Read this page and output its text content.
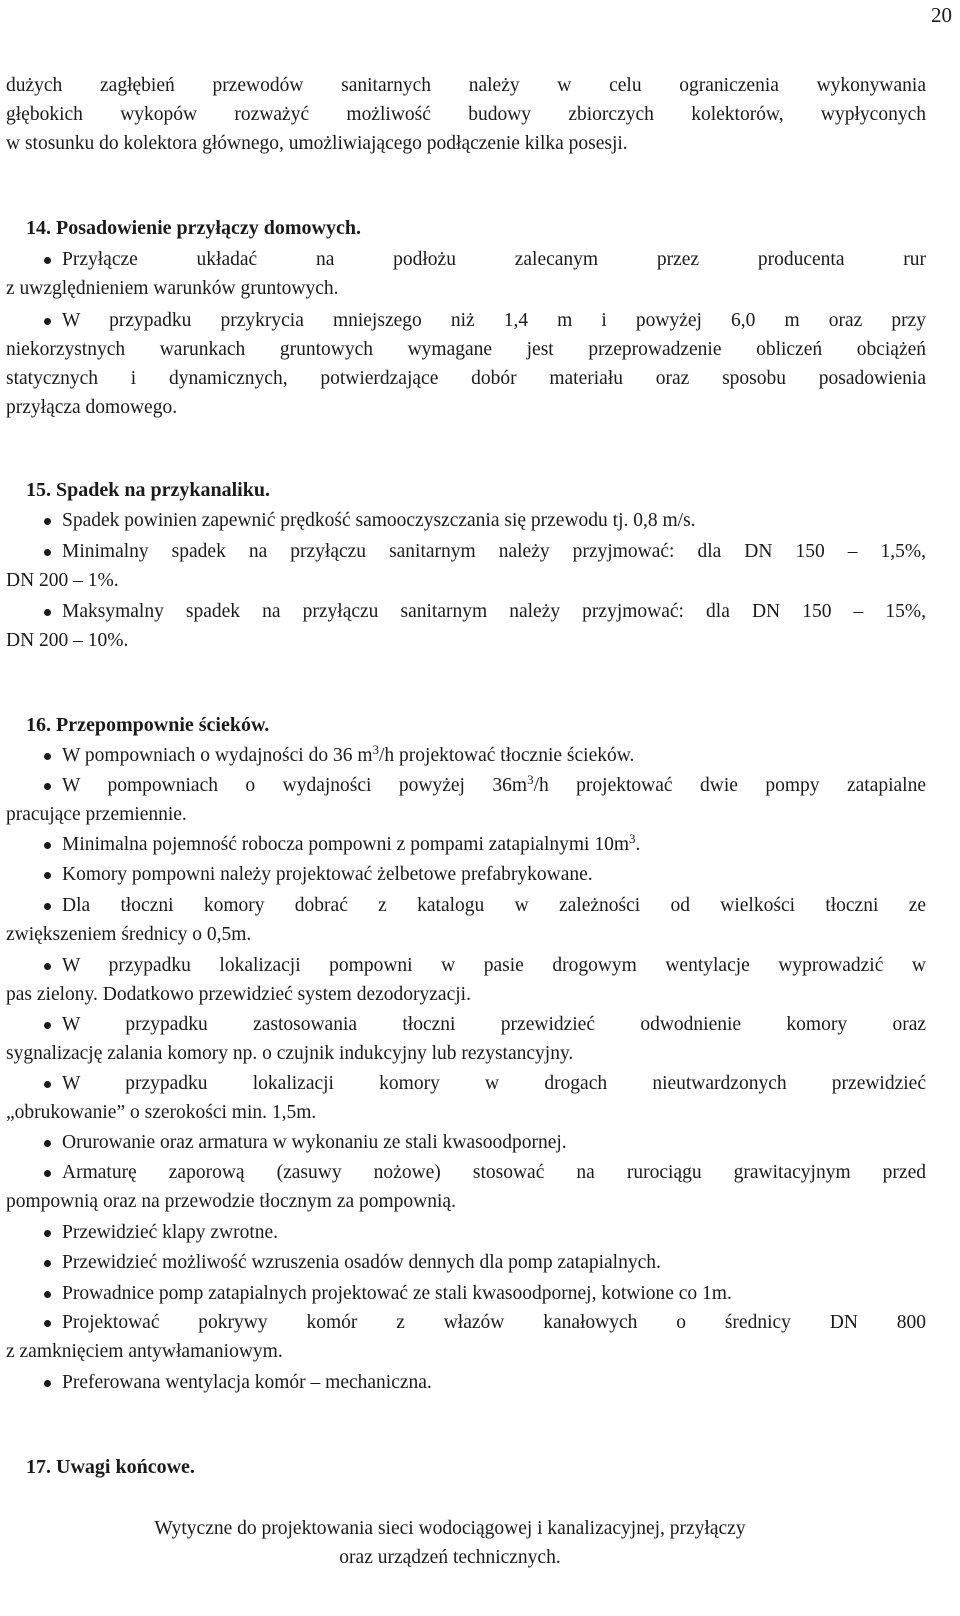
20
dużych zagłębień przewodów sanitarnych należy w celu ograniczenia wykonywania
głębokich wykopów rozważyć możliwość budowy zbiorczych kolektorów, wypłyconych
w stosunku do kolektora głównego, umożliwiającego podłączenie kilka posesji.
14. Posadowienie przyłączy domowych.
Przyłącze układać na podłożu zalecanym przez producenta rur
z uwzględnieniem warunków gruntowych.
W przypadku przykrycia mniejszego niż 1,4 m i powyżej 6,0 m oraz przy
niekorzystnych warunkach gruntowych wymagane jest przeprowadzenie obliczeń obciążeń
statycznych i dynamicznych, potwierdzające dobór materiału oraz sposobu posadowienia
przyłącza domowego.
15. Spadek na przykanaliku.
Spadek powinien zapewnić prędkość samooczyszczania się przewodu tj. 0,8 m/s.
Minimalny spadek na przyłączu sanitarnym należy przyjmować: dla DN 150 – 1,5%,
DN 200 – 1%.
Maksymalny spadek na przyłączu sanitarnym należy przyjmować: dla DN 150 – 15%,
DN 200 – 10%.
16. Przepompownie ścieków.
W pompowniach o wydajności do 36 $m^3/h$ projektować tłocznie ścieków.
W pompowniach o wydajności powyżej $36m^3/h$ projektować dwie pompy zatapialne
pracujące przemiennie.
Minimalna pojemność robocza pompowni z pompami zatapialnymi $10m^3$.
Komory pompowni należy projektować żelbetowe prefabrykowane.
Dla tłoczni komory dobrać z katalogu w zależności od wielkości tłoczni ze
zwiększeniem średnicy o 0,5m.
W przypadku lokalizacji pompowni w pasie drogowym wentylacje wyprowadzić w
pas zielony. Dodatkowo przewidzieć system dezodoryzacji.
W przypadku zastosowania tłoczni przewidzieć odwodnienie komory oraz
sygnalizację zalania komory np. o czujnik indukcyjny lub rezystancyjny.
W przypadku lokalizacji komory w drogach nieutwardzonych przewidzieć
„obrukowanie” o szerokości min. 1,5m.
Orurowanie oraz armatura w wykonaniu ze stali kwasoodpornej.
Armaturę zaporową (zasuwy nożowe) stosować na rurociągu grawitacyjnym przed
pompownią oraz na przewodzie tłocznym za pompownią.
Przewidzieć klapy zwrotne.
Przewidzieć możliwość wzruszenia osadów dennych dla pomp zatapialnych.
Prowadnice pomp zatapialnych projektować ze stali kwasoodpornej, kotwione co 1m.
Projektować pokrywy komór z włazów kanałowych o średnicy DN 800
z zamknięciem antywłamaniowym.
Preferowana wentylacja komór – mechaniczna.
17. Uwagi końcowe.
Wytyczne do projektowania sieci wodociągowej i kanalizacyjnej, przyłączy
oraz urządzeń technicznych.
